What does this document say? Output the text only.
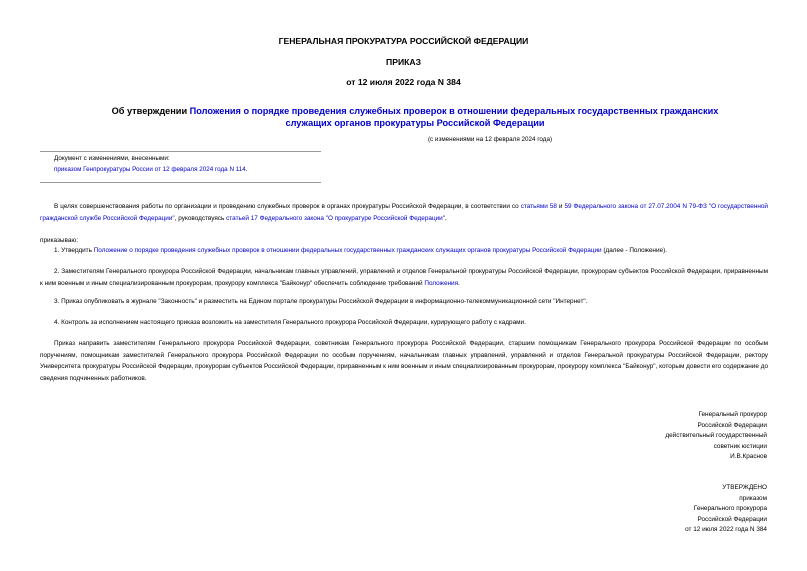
ГЕНЕРАЛЬНАЯ ПРОКУРАТУРА РОССИЙСКОЙ ФЕДЕРАЦИИ
ПРИКАЗ
от 12 июля 2022 года N 384
Об утверждении Положения о порядке проведения служебных проверок в отношении федеральных государственных гражданских служащих органов прокуратуры Российской Федерации
(с изменениями на 12 февраля 2024 года)
Документ с изменениями, внесенными:
приказом Генпрокуратуры России от 12 февраля 2024 года N 114.
В целях совершенствования работы по организации и проведению служебных проверок в органах прокуратуры Российской Федерации, в соответствии со статьями 58 и 59 Федерального закона от 27.07.2004 N 79-ФЗ "О государственной гражданской службе Российской Федерации", руководствуясь статьей 17 Федерального закона "О прокуратуре Российской Федерации",
приказываю:
1. Утвердить Положение о порядке проведения служебных проверок в отношении федеральных государственных гражданских служащих органов прокуратуры Российской Федерации (далее - Положение).
2. Заместителям Генерального прокурора Российской Федерации, начальникам главных управлений, управлений и отделов Генеральной прокуратуры Российской Федерации, прокурорам субъектов Российской Федерации, приравненным к ним военным и иным специализированным прокурорам, прокурору комплекса "Байконур" обеспечить соблюдение требований Положения.
3. Приказ опубликовать в журнале "Законность" и разместить на Едином портале прокуратуры Российской Федерации в информационно-телекоммуникационной сети "Интернет".
4. Контроль за исполнением настоящего приказа возложить на заместителя Генерального прокурора Российской Федерации, курирующего работу с кадрами.
Приказ направить заместителям Генерального прокурора Российской Федерации, советникам Генерального прокурора Российской Федерации, старшим помощникам Генерального прокурора Российской Федерации по особым поручениям, помощникам заместителей Генерального прокурора Российской Федерации по особым поручениям, начальникам главных управлений, управлений и отделов Генеральной прокуратуры Российской Федерации, ректору Университета прокуратуры Российской Федерации, прокурорам субъектов Российской Федерации, приравненным к ним военным и иным специализированным прокурорам, прокурору комплекса "Байконур", которым довести его содержание до сведения подчиненных работников.
Генеральный прокурор
Российской Федерации
действительный государственный
советник юстиции
И.В.Краснов
УТВЕРЖДЕНО
приказом
Генерального прокурора
Российской Федерации
от 12 июля 2022 года N 384
